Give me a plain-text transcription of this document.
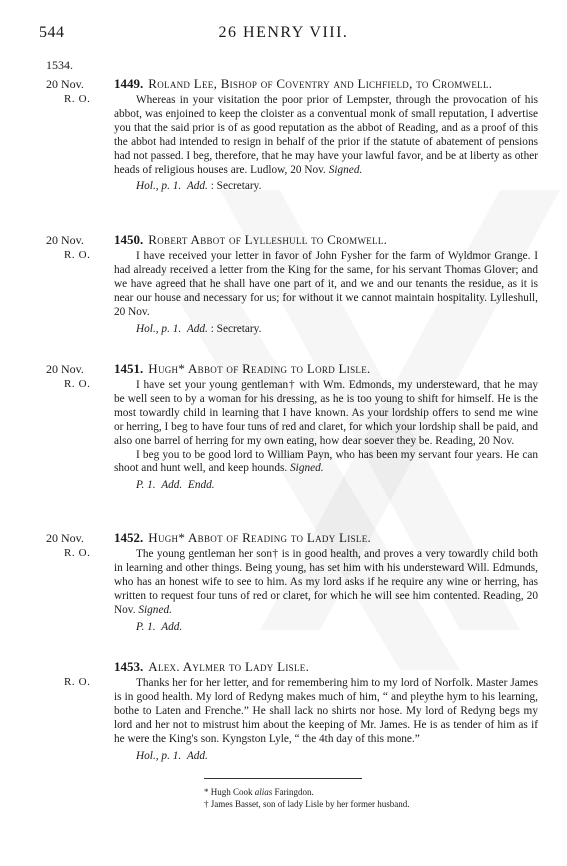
544	26 HENRY VIII.
1534.
20 Nov.
R. O.
1449. Roland Lee, Bishop of Coventry and Lichfield, to Cromwell.

Whereas in your visitation the poor prior of Lempster, through the provocation of his abbot, was enjoined to keep the cloister as a conventual monk of small reputation, I advertise you that the said prior is of as good reputation as the abbot of Reading, and as a proof of this the abbot had intended to resign in behalf of the prior if the statute of abatement of pensions had not passed. I beg, therefore, that he may have your lawful favor, and be at liberty as other heads of religious houses are. Ludlow, 20 Nov. Signed.

Hol., p. 1. Add. : Secretary.
20 Nov.
R. O.
1450. Robert Abbot of Lylleshull to Cromwell.

I have received your letter in favor of John Fysher for the farm of Wyldmor Grange. I had already received a letter from the King for the same, for his servant Thomas Glover; and we have agreed that he shall have one part of it, and we and our tenants the residue, as it is near our house and necessary for us; for without it we cannot maintain hospitality. Lylleshull, 20 Nov.

Hol., p. 1. Add. : Secretary.
20 Nov.
R. O.
1451. Hugh* Abbot of Reading to Lord Lisle.

I have set your young gentleman† with Wm. Edmonds, my understeward, that he may be well seen to by a woman for his dressing, as he is too young to shift for himself. He is the most towardly child in learning that I have known. As your lordship offers to send me wine or herring, I beg to have four tuns of red and claret, for which your lordship shall be paid, and also one barrel of herring for my own eating, how dear soever they be. Reading, 20 Nov.

I beg you to be good lord to William Payn, who has been my servant four years. He can shoot and hunt well, and keep hounds. Signed.

P. 1. Add. Endd.
20 Nov.
R. O.
1452. Hugh* Abbot of Reading to Lady Lisle.

The young gentleman her son† is in good health, and proves a very towardly child both in learning and other things. Being young, has set him with his understeward Will. Edmunds, who has an honest wife to see to him. As my lord asks if he require any wine or herring, has written to request four tuns of red or claret, for which he will see him contented. Reading, 20 Nov. Signed.

P. 1. Add.
R. O.
1453. Alex. Aylmer to Lady Lisle.

Thanks her for her letter, and for remembering him to my lord of Norfolk. Master James is in good health. My lord of Redyng makes much of him, “ and pleythe hym to his learning, bothe to Laten and Frenche.” He shall lack no shirts nor hose. My lord of Redyng begs my lord and her not to mistrust him about the keeping of Mr. James. He is as tender of him as if he were the King's son. Kyngston Lyle, “ the 4th day of this mone.”

Hol., p. 1. Add.
* Hugh Cook alias Faringdon.
† James Basset, son of lady Lisle by her former husband.
